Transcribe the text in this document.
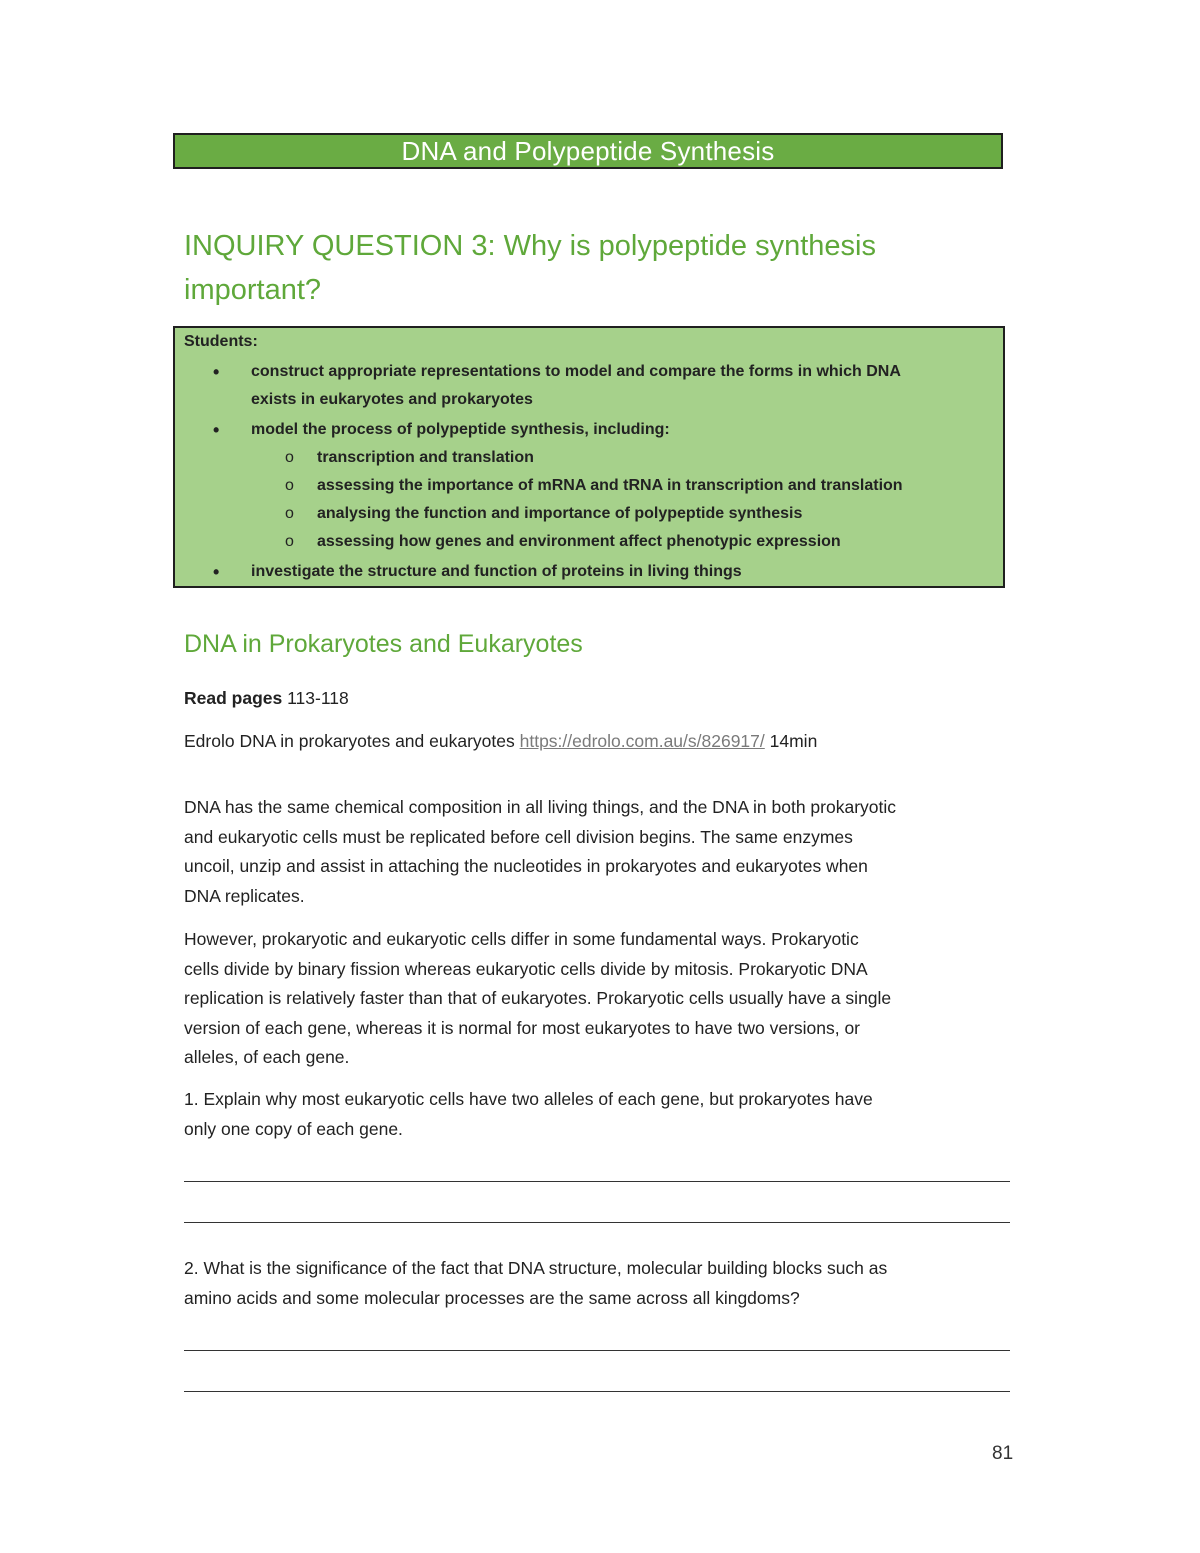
DNA and Polypeptide Synthesis
INQUIRY QUESTION 3: Why is polypeptide synthesis
important?
Students:
• construct appropriate representations to model and compare the forms in which DNA
exists in eukaryotes and prokaryotes
• model the process of polypeptide synthesis, including:
o transcription and translation
o assessing the importance of mRNA and tRNA in transcription and translation
o analysing the function and importance of polypeptide synthesis
o assessing how genes and environment affect phenotypic expression
• investigate the structure and function of proteins in living things
DNA in Prokaryotes and Eukaryotes
Read pages 113-118
Edrolo DNA in prokaryotes and eukaryotes https://edrolo.com.au/s/826917/ 14min
DNA has the same chemical composition in all living things, and the DNA in both prokaryotic
and eukaryotic cells must be replicated before cell division begins. The same enzymes
uncoil, unzip and assist in attaching the nucleotides in prokaryotes and eukaryotes when
DNA replicates.
However, prokaryotic and eukaryotic cells differ in some fundamental ways. Prokaryotic
cells divide by binary fission whereas eukaryotic cells divide by mitosis. Prokaryotic DNA
replication is relatively faster than that of eukaryotes. Prokaryotic cells usually have a single
version of each gene, whereas it is normal for most eukaryotes to have two versions, or
alleles, of each gene.
1. Explain why most eukaryotic cells have two alleles of each gene, but prokaryotes have
only one copy of each gene.
2. What is the significance of the fact that DNA structure, molecular building blocks such as
amino acids and some molecular processes are the same across all kingdoms?
81
